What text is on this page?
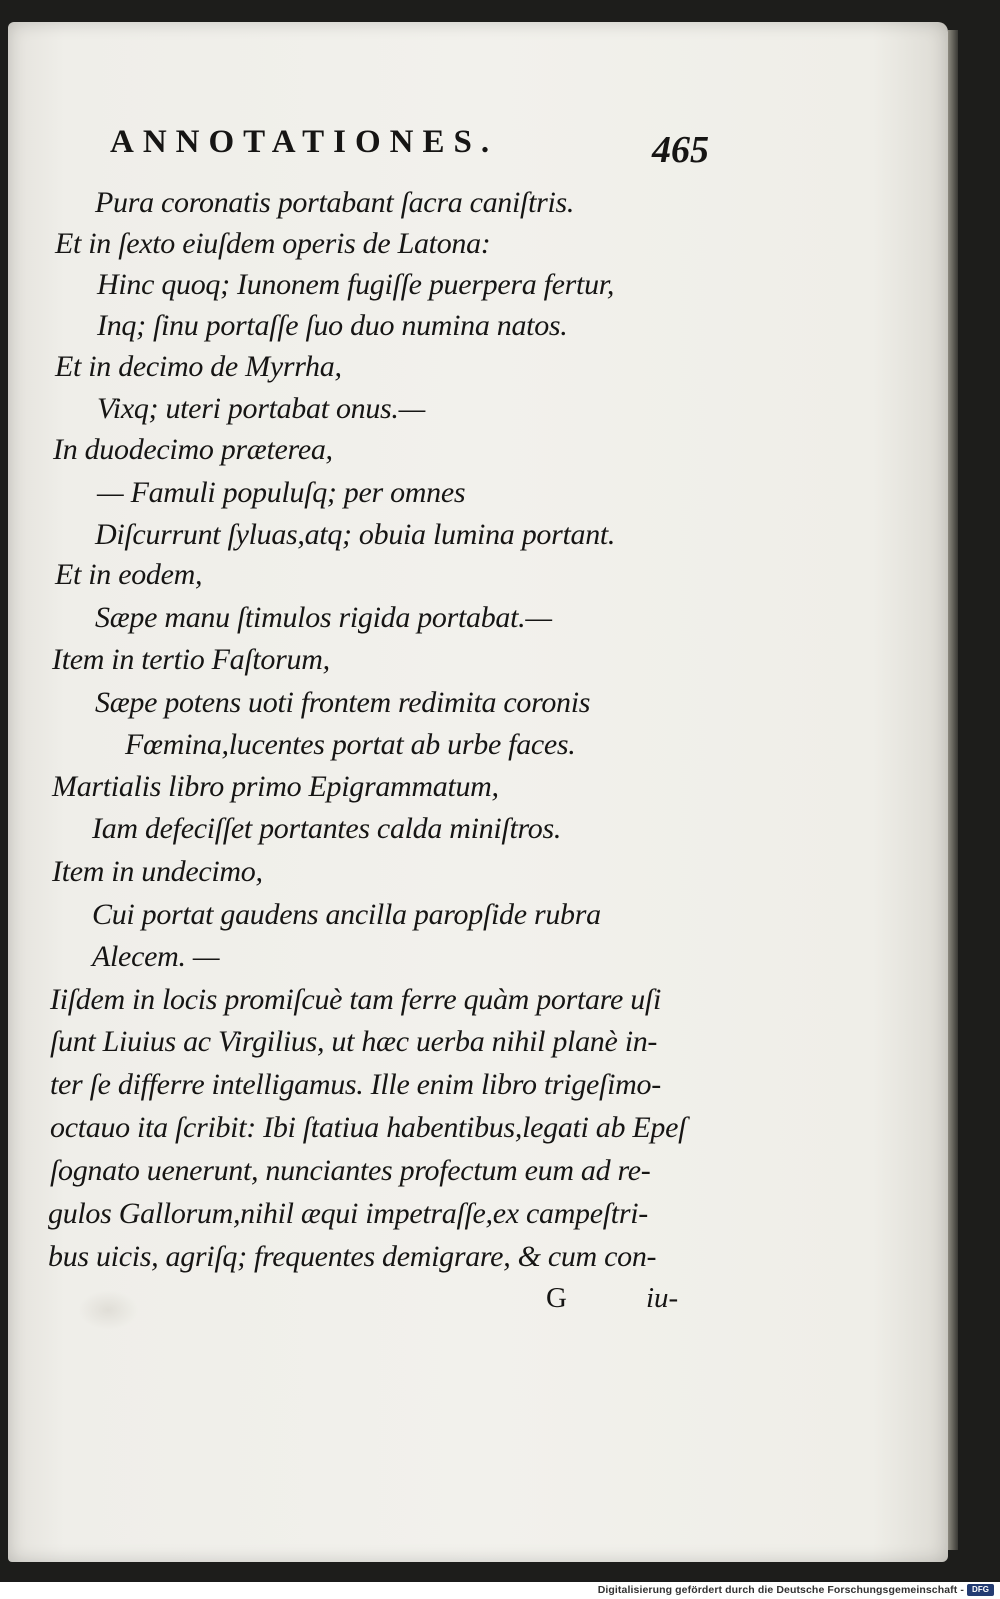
ANNOTATIONES.	465
Pura coronatis portabant ſacra caniſtris.
Et in ſexto eiuſdem operis de Latona:
Hinc quoq; Iunonem fugiſſe puerpera fertur,
Inq; ſinu portaſſe ſuo duo numina natos.
Et in decimo de Myrrha,
Vixq; uteri portabat onus.—
In duodecimo præterea,
— Famuli populuſq; per omnes
Diſcurrunt ſyluas,atq; obuia lumina portant.
Et in eodem,
Sæpe manu ſtimulos rigida portabat.—
Item in tertio Faſtorum,
Sæpe potens uoti frontem redimita coronis
Fœmina,lucentes portat ab urbe faces.
Martialis libro primo Epigrammatum,
Iam defeciſſet portantes calda miniſtros.
Item in undecimo,
Cui portat gaudens ancilla paropſide rubra
Alecem. —
Iiſdem in locis promiſcuè tam ferre quàm portare uſi
ſunt Liuius ac Virgilius, ut hæc uerba nihil planè in-
ter ſe differre intelligamus. Ille enim libro trigeſimo-
octauo ita ſcribit: Ibi ſtatiua habentibus,legati ab Epeſ
ſognato uenerunt, nunciantes profectum eum ad re-
gulos Gallorum,nihil æqui impetraſſe,ex campeſtri-
bus uicis, agriſq; frequentes demigrare, & cum con-
G	iu-
Digitalisierung gefördert durch die Deutsche Forschungsgemeinschaft -	DFG
